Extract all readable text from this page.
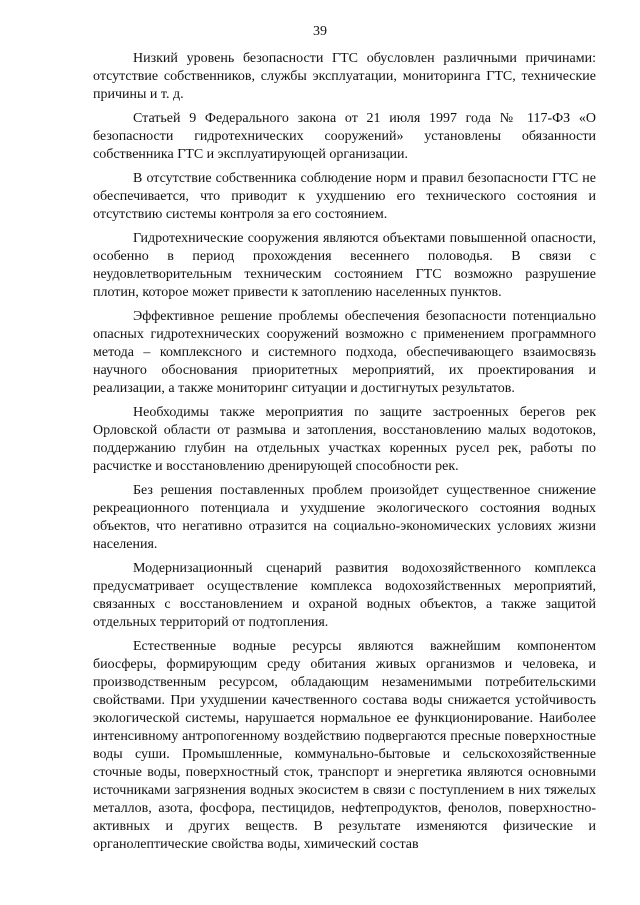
39

Низкий уровень безопасности ГТС обусловлен различными причинами: отсутствие собственников, службы эксплуатации, мониторинга ГТС, технические причины и т. д.

Статьей 9 Федерального закона от 21 июля 1997 года № 117-ФЗ «О безопасности гидротехнических сооружений» установлены обязанности собственника ГТС и эксплуатирующей организации.

В отсутствие собственника соблюдение норм и правил безопасности ГТС не обеспечивается, что приводит к ухудшению его технического состояния и отсутствию системы контроля за его состоянием.

Гидротехнические сооружения являются объектами повышенной опасности, особенно в период прохождения весеннего половодья. В связи с неудовлетворительным техническим состоянием ГТС возможно разрушение плотин, которое может привести к затоплению населенных пунктов.

Эффективное решение проблемы обеспечения безопасности потенциально опасных гидротехнических сооружений возможно с применением программного метода – комплексного и системного подхода, обеспечивающего взаимосвязь научного обоснования приоритетных мероприятий, их проектирования и реализации, а также мониторинг ситуации и достигнутых результатов.

Необходимы также мероприятия по защите застроенных берегов рек Орловской области от размыва и затопления, восстановлению малых водотоков, поддержанию глубин на отдельных участках коренных русел рек, работы по расчистке и восстановлению дренирующей способности рек.

Без решения поставленных проблем произойдет существенное снижение рекреационного потенциала и ухудшение экологического состояния водных объектов, что негативно отразится на социально-экономических условиях жизни населения.

Модернизационный сценарий развития водохозяйственного комплекса предусматривает осуществление комплекса водохозяйственных мероприятий, связанных с восстановлением и охраной водных объектов, а также защитой отдельных территорий от подтопления.

Естественные водные ресурсы являются важнейшим компонентом биосферы, формирующим среду обитания живых организмов и человека, и производственным ресурсом, обладающим незаменимыми потребительскими свойствами. При ухудшении качественного состава воды снижается устойчивость экологической системы, нарушается нормальное ее функционирование. Наиболее интенсивному антропогенному воздействию подвергаются пресные поверхностные воды суши. Промышленные, коммунально-бытовые и сельскохозяйственные сточные воды, поверхностный сток, транспорт и энергетика являются основными источниками загрязнения водных экосистем в связи с поступлением в них тяжелых металлов, азота, фосфора, пестицидов, нефтепродуктов, фенолов, поверхностно-активных и других веществ. В результате изменяются физические и органолептические свойства воды, химический состав
